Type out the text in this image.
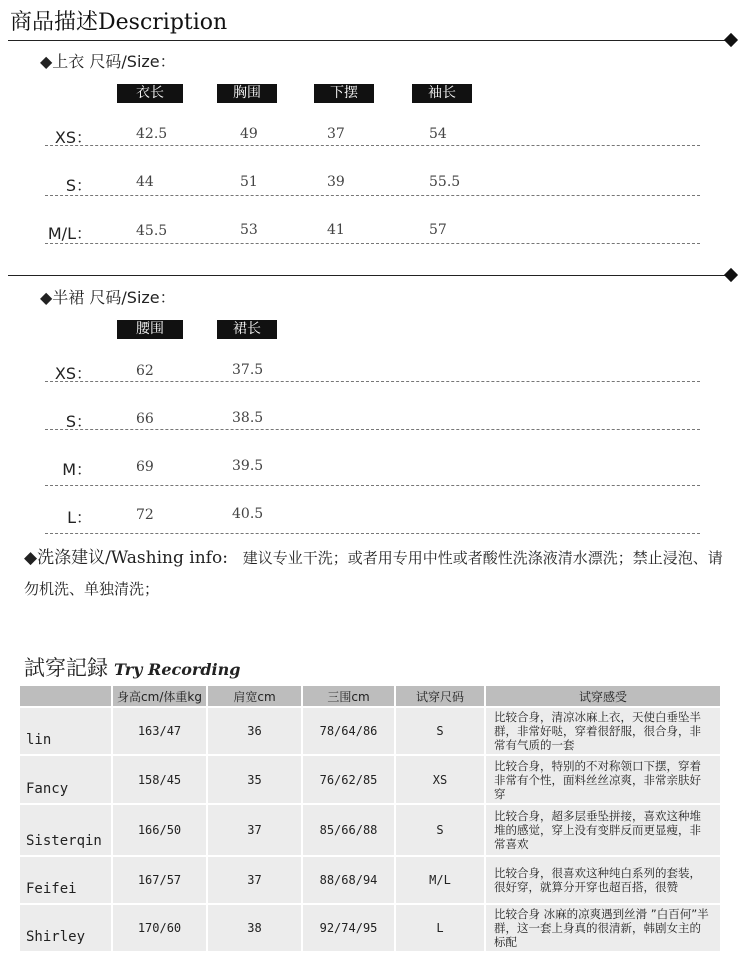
商品描述Description
◆上衣 尺码/Size：
衣长	胸围	下摆	袖长
XS：	42.5	49	37	54
S：	44	51	39	55.5
M/L：	45.5	53	41	57
◆半裙 尺码/Size：
腰围	裙长
XS：	62	37.5
S：	66	38.5
M：	69	39.5
L：	72	40.5
◆洗涤建议/Washing info: 建议专业干洗；或者用专用中性或者酸性洗涤液清水漂洗；禁止浸泡、请勿机洗、单独清洗；
試穿記録 Try Recording
	身高cm/体重kg	肩宽cm	三围cm	试穿尺码	试穿感受
lin	163/47	36	78/64/86	S	比较合身，清凉冰麻上衣，天使白垂坠半群，非常好哒，穿着很舒服，很合身，非常有气质的一套
Fancy	158/45	35	76/62/85	XS	比较合身，特别的不对称领口下摆，穿着非常有个性，面料丝丝凉爽，非常亲肤好穿
Sisterqin	166/50	37	85/66/88	S	比较合身，超多层垂坠拼接，喜欢这种堆堆的感觉，穿上没有变胖反而更显瘦，非常喜欢
Feifei	167/57	37	88/68/94	M/L	比较合身，很喜欢这种纯白系列的套装，很好穿，就算分开穿也超百搭，很赞
Shirley	170/60	38	92/74/95	L	比较合身 冰麻的凉爽遇到丝滑 ”白百何”半群，这一套上身真的很清新，韩剧女主的标配
